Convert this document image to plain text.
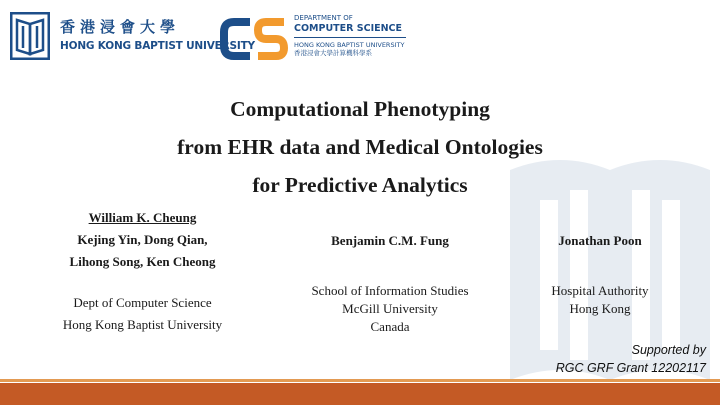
香港浸會大學
HONG KONG BAPTIST UNIVERSITY
DEPARTMENT OF
COMPUTER SCIENCE
HONG KONG BAPTIST UNIVERSITY
香港浸會大學計算機科學系
Computational Phenotyping
from EHR data and Medical Ontologies
for Predictive Analytics
William K. Cheung
Kejing Yin, Dong Qian,
Lihong Song, Ken Cheong
Dept of Computer Science
Hong Kong Baptist University
Benjamin C.M. Fung
School of Information Studies
McGill University
Canada
Jonathan Poon
Hospital Authority
Hong Kong
Supported by
RGC GRF Grant 12202117
